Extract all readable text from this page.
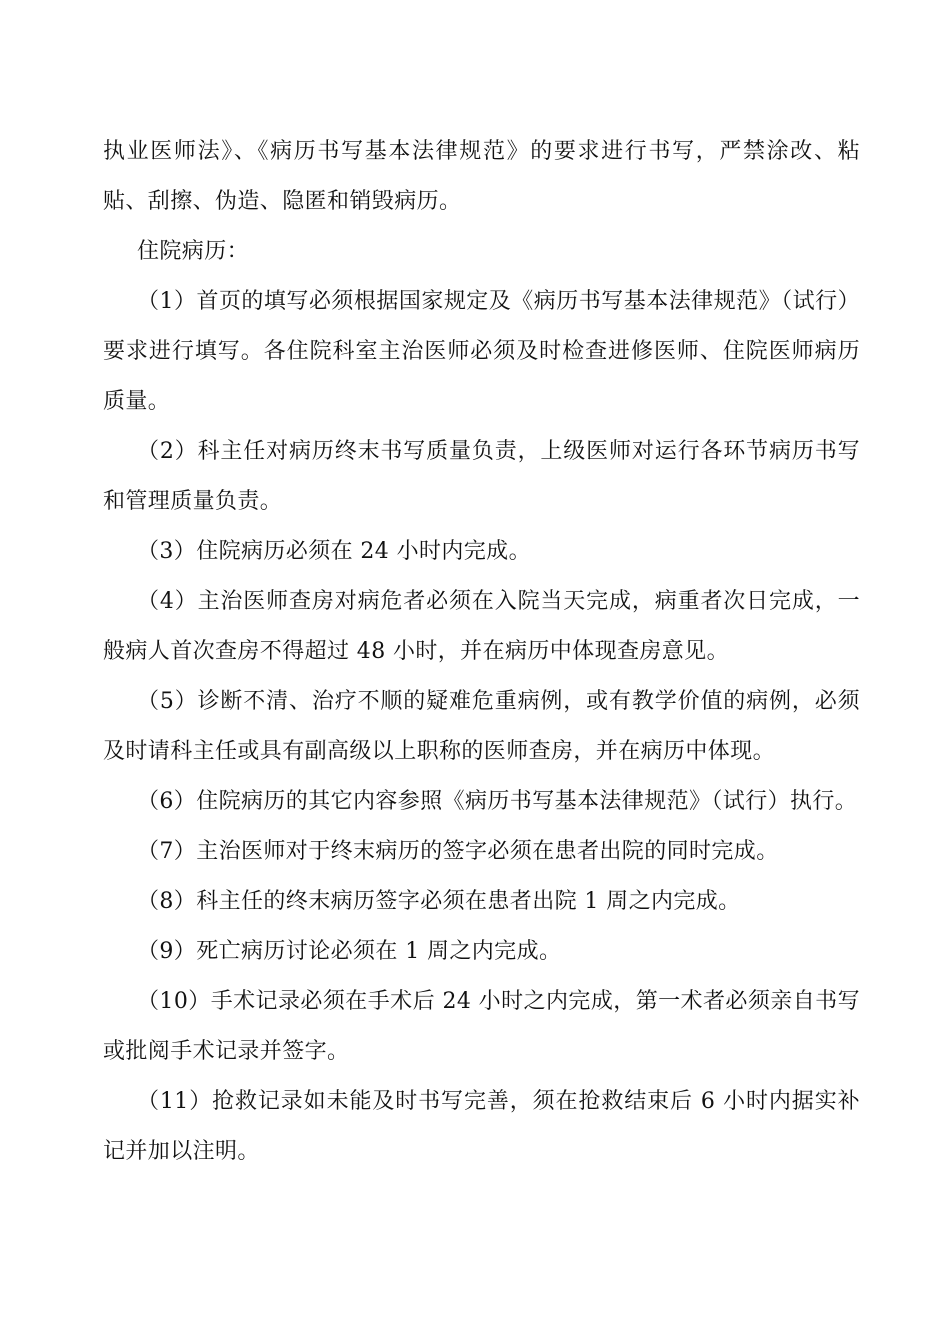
执业医师法》、《病历书写基本法律规范》的要求进行书写，严禁涂改、粘贴、刮擦、伪造、隐匿和销毁病历。

住院病历：

（1）首页的填写必须根据国家规定及《病历书写基本法律规范》（试行）要求进行填写。各住院科室主治医师必须及时检查进修医师、住院医师病历质量。

（2）科主任对病历终末书写质量负责，上级医师对运行各环节病历书写和管理质量负责。

（3）住院病历必须在 24 小时内完成。

（4）主治医师查房对病危者必须在入院当天完成，病重者次日完成，一般病人首次查房不得超过 48 小时，并在病历中体现查房意见。

（5）诊断不清、治疗不顺的疑难危重病例，或有教学价值的病例，必须及时请科主任或具有副高级以上职称的医师查房，并在病历中体现。

（6）住院病历的其它内容参照《病历书写基本法律规范》（试行）执行。

（7）主治医师对于终末病历的签字必须在患者出院的同时完成。

（8）科主任的终末病历签字必须在患者出院 1 周之内完成。

（9）死亡病历讨论必须在 1 周之内完成。

（10）手术记录必须在手术后 24 小时之内完成，第一术者必须亲自书写或批阅手术记录并签字。

（11）抢救记录如未能及时书写完善，须在抢救结束后 6 小时内据实补记并加以注明。
